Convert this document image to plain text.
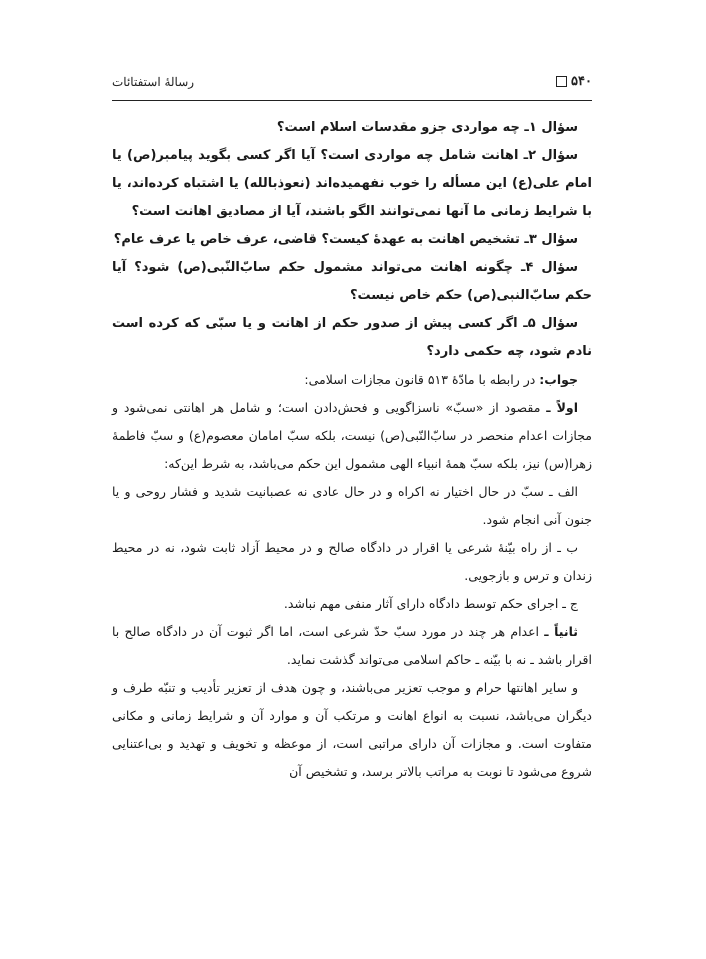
۵۴۰
رسالهٔ استفتائات

سؤال ۱ـ چه مواردی جزو مقدسات اسلام است؟

سؤال ۲ـ اهانت شامل چه مواردی است؟ آیا اگر کسی بگوید پیامبر(ص) یا امام علی(ع) این مسأله را خوب نفهمیده‌اند (نعوذبالله) یا اشتباه کرده‌اند، یا با شرایط زمانی ما آنها نمی‌توانند الگو باشند، آیا از مصادیق اهانت است؟

سؤال ۳ـ تشخیص اهانت به عهدهٔ کیست؟ قاضی، عرف خاص یا عرف عام؟

سؤال ۴ـ چگونه اهانت می‌تواند مشمول حکم سابّ‌النّبی(ص) شود؟ آیا حکم سابّ‌النبی(ص) حکم خاص نیست؟

سؤال ۵ـ اگر کسی پیش از صدور حکم از اهانت و یا سبّی که کرده است نادم شود، چه حکمی دارد؟

جواب: در رابطه با مادّهٔ ۵۱۳ قانون مجازات اسلامی:

اولاً ـ مقصود از «سبّ» ناسزاگویی و فحش‌دادن است؛ و شامل هر اهانتی نمی‌شود و مجازات اعدام منحصر در سابّ‌النّبی(ص) نیست، بلکه سبّ امامان معصوم(ع) و سبّ فاطمهٔ زهرا(س) نیز، بلکه سبّ همهٔ انبیاء الهی مشمول این حکم می‌باشد، به شرط این‌که:

الف ـ سبّ در حال اختیار نه اکراه و در حال عادی نه عصبانیت شدید و فشار روحی و یا جنون آنی انجام شود.

ب ـ از راه بیّنهٔ شرعی یا اقرار در دادگاه صالح و در محیط آزاد ثابت شود، نه در محیط زندان و ترس و بازجویی.

ج ـ اجرای حکم توسط دادگاه دارای آثار منفی مهم نباشد.

ثانیاً ـ اعدام هر چند در مورد سبّ حدّ شرعی است، اما اگر ثبوت آن در دادگاه صالح با اقرار باشد ـ نه با بیّنه ـ حاکم اسلامی می‌تواند گذشت نماید.

و سایر اهانتها حرام و موجب تعزیر می‌باشند، و چون هدف از تعزیر تأدیب و تنبّه طرف و دیگران می‌باشد، نسبت به انواع اهانت و مرتکب آن و موارد آن و شرایط زمانی و مکانی متفاوت است. و مجازات آن دارای مراتبی است، از موعظه و تخویف و تهدید و بی‌اعتنایی شروع می‌شود تا نوبت به مراتب بالاتر برسد، و تشخیص آن
